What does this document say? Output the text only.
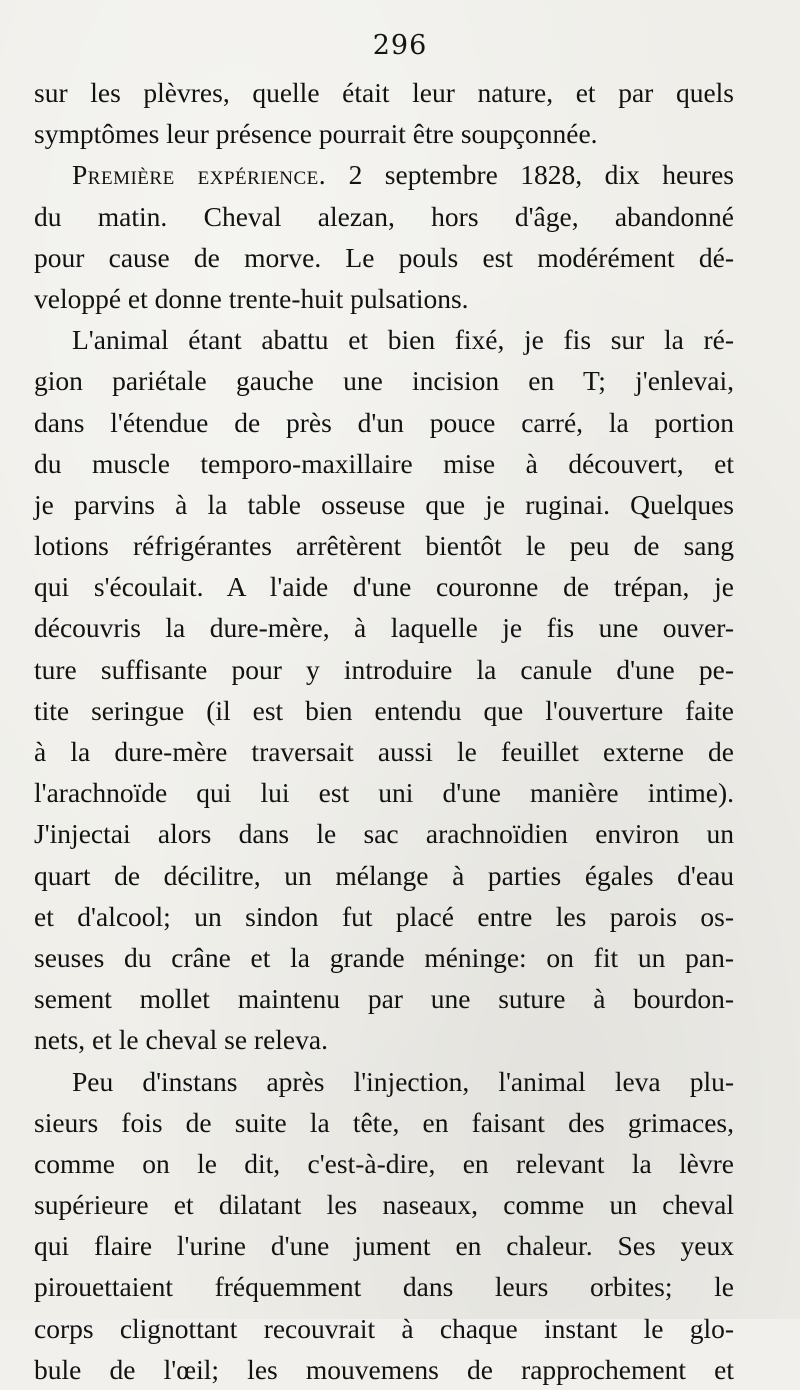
296
sur les plèvres, quelle était leur nature, et par quels
symptômes leur présence pourrait être soupçonnée.
Première expérience. 2 septembre 1828, dix heures
du matin. Cheval alezan, hors d'âge, abandonné
pour cause de morve. Le pouls est modérément dé-
veloppé et donne trente-huit pulsations.
L'animal étant abattu et bien fixé, je fis sur la ré-
gion pariétale gauche une incision en T; j'enlevai,
dans l'étendue de près d'un pouce carré, la portion
du muscle temporo-maxillaire mise à découvert, et
je parvins à la table osseuse que je ruginai. Quelques
lotions réfrigérantes arrêtèrent bientôt le peu de sang
qui s'écoulait. A l'aide d'une couronne de trépan, je
découvris la dure-mère, à laquelle je fis une ouver-
ture suffisante pour y introduire la canule d'une pe-
tite seringue (il est bien entendu que l'ouverture faite
à la dure-mère traversait aussi le feuillet externe de
l'arachnoïde qui lui est uni d'une manière intime).
J'injectai alors dans le sac arachnoïdien environ un
quart de décilitre, un mélange à parties égales d'eau
et d'alcool; un sindon fut placé entre les parois os-
seuses du crâne et la grande méninge: on fit un pan-
sement mollet maintenu par une suture à bourdon-
nets, et le cheval se releva.
Peu d'instans après l'injection, l'animal leva plu-
sieurs fois de suite la tête, en faisant des grimaces,
comme on le dit, c'est-à-dire, en relevant la lèvre
supérieure et dilatant les naseaux, comme un cheval
qui flaire l'urine d'une jument en chaleur. Ses yeux
pirouettaient fréquemment dans leurs orbites; le
corps clignottant recouvrait à chaque instant le glo-
bule de l'œil; les mouvemens de rapprochement et
